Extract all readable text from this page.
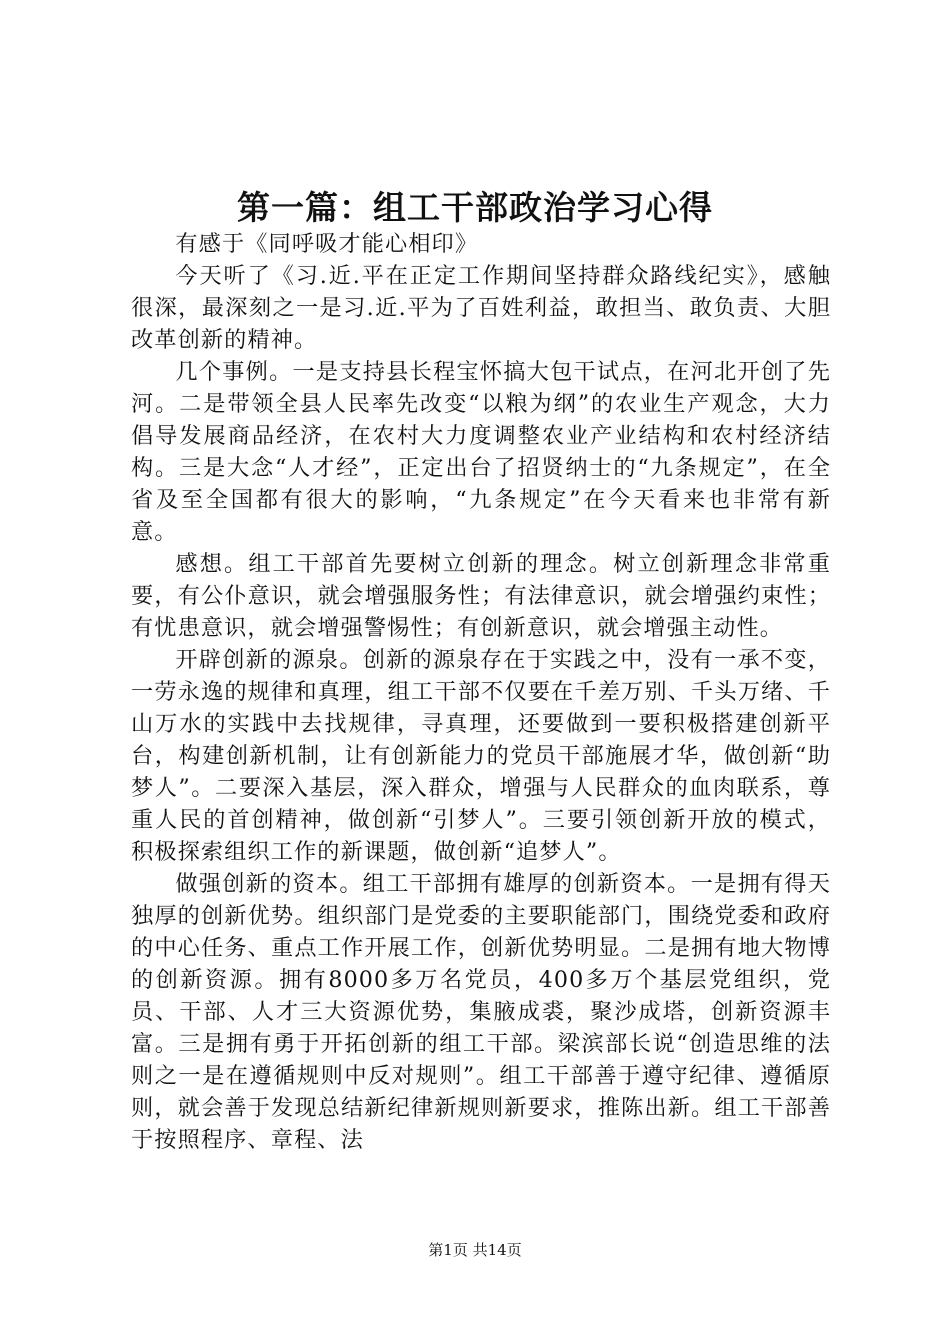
第一篇：组工干部政治学习心得

有感于《同呼吸才能心相印》

今天听了《习.近.平在正定工作期间坚持群众路线纪实》，感触很深，最深刻之一是习.近.平为了百姓利益，敢担当、敢负责、大胆改革创新的精神。

几个事例。一是支持县长程宝怀搞大包干试点，在河北开创了先河。二是带领全县人民率先改变“以粮为纲”的农业生产观念，大力倡导发展商品经济，在农村大力度调整农业产业结构和农村经济结构。三是大念“人才经”，正定出台了招贤纳士的“九条规定”，在全省及至全国都有很大的影响，“九条规定”在今天看来也非常有新意。

感想。组工干部首先要树立创新的理念。树立创新理念非常重要，有公仆意识，就会增强服务性；有法律意识，就会增强约束性；有忧患意识，就会增强警惕性；有创新意识，就会增强主动性。

开辟创新的源泉。创新的源泉存在于实践之中，没有一承不变，一劳永逸的规律和真理，组工干部不仅要在千差万别、千头万绪、千山万水的实践中去找规律，寻真理，还要做到一要积极搭建创新平台，构建创新机制，让有创新能力的党员干部施展才华，做创新“助梦人”。二要深入基层，深入群众，增强与人民群众的血肉联系，尊重人民的首创精神，做创新“引梦人”。三要引领创新开放的模式，积极探索组织工作的新课题，做创新“追梦人”。

做强创新的资本。组工干部拥有雄厚的创新资本。一是拥有得天独厚的创新优势。组织部门是党委的主要职能部门，围绕党委和政府的中心任务、重点工作开展工作，创新优势明显。二是拥有地大物博的创新资源。拥有8000多万名党员，400多万个基层党组织，党员、干部、人才三大资源优势，集腋成裘，聚沙成塔，创新资源丰富。三是拥有勇于开拓创新的组工干部。梁滨部长说“创造思维的法则之一是在遵循规则中反对规则”。组工干部善于遵守纪律、遵循原则，就会善于发现总结新纪律新规则新要求，推陈出新。组工干部善于按照程序、章程、法

第1页 共14页
